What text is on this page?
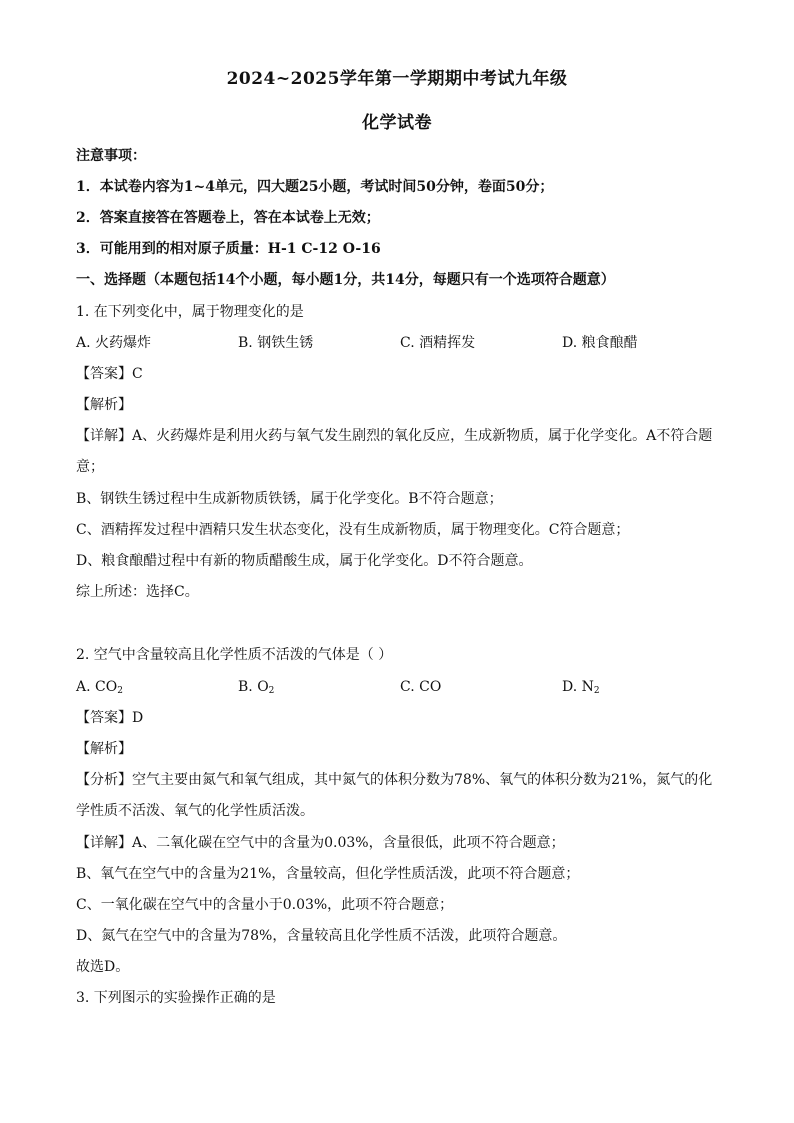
2024~2025学年第一学期期中考试九年级
化学试卷
注意事项：
1．本试卷内容为1~4单元，四大题25小题，考试时间50分钟，卷面50分；
2．答案直接答在答题卷上，答在本试卷上无效；
3．可能用到的相对原子质量：H-1 C-12 O-16
一、选择题（本题包括14个小题，每小题1分，共14分，每题只有一个选项符合题意）
1. 在下列变化中，属于物理变化的是
A. 火药爆炸	B. 钢铁生锈	C. 酒精挥发	D. 粮食酿醋
【答案】C
【解析】
【详解】A、火药爆炸是利用火药与氧气发生剧烈的氧化反应，生成新物质，属于化学变化。A不符合题
意；
B、钢铁生锈过程中生成新物质铁锈，属于化学变化。B不符合题意；
C、酒精挥发过程中酒精只发生状态变化，没有生成新物质，属于物理变化。C符合题意；
D、粮食酿醋过程中有新的物质醋酸生成，属于化学变化。D不符合题意。
综上所述：选择C。
2. 空气中含量较高且化学性质不活泼的气体是（ ）
A. $CO_2$	B. $O_2$	C. CO	D. $N_2$
【答案】D
【解析】
【分析】空气主要由氮气和氧气组成，其中氮气的体积分数为78%、氧气的体积分数为21%，氮气的化
学性质不活泼、氧气的化学性质活泼。
【详解】A、二氧化碳在空气中的含量为0.03%，含量很低，此项不符合题意；
B、氧气在空气中的含量为21%，含量较高，但化学性质活泼，此项不符合题意；
C、一氧化碳在空气中的含量小于0.03%，此项不符合题意；
D、氮气在空气中的含量为78%，含量较高且化学性质不活泼，此项符合题意。
故选D。
3. 下列图示的实验操作正确的是
